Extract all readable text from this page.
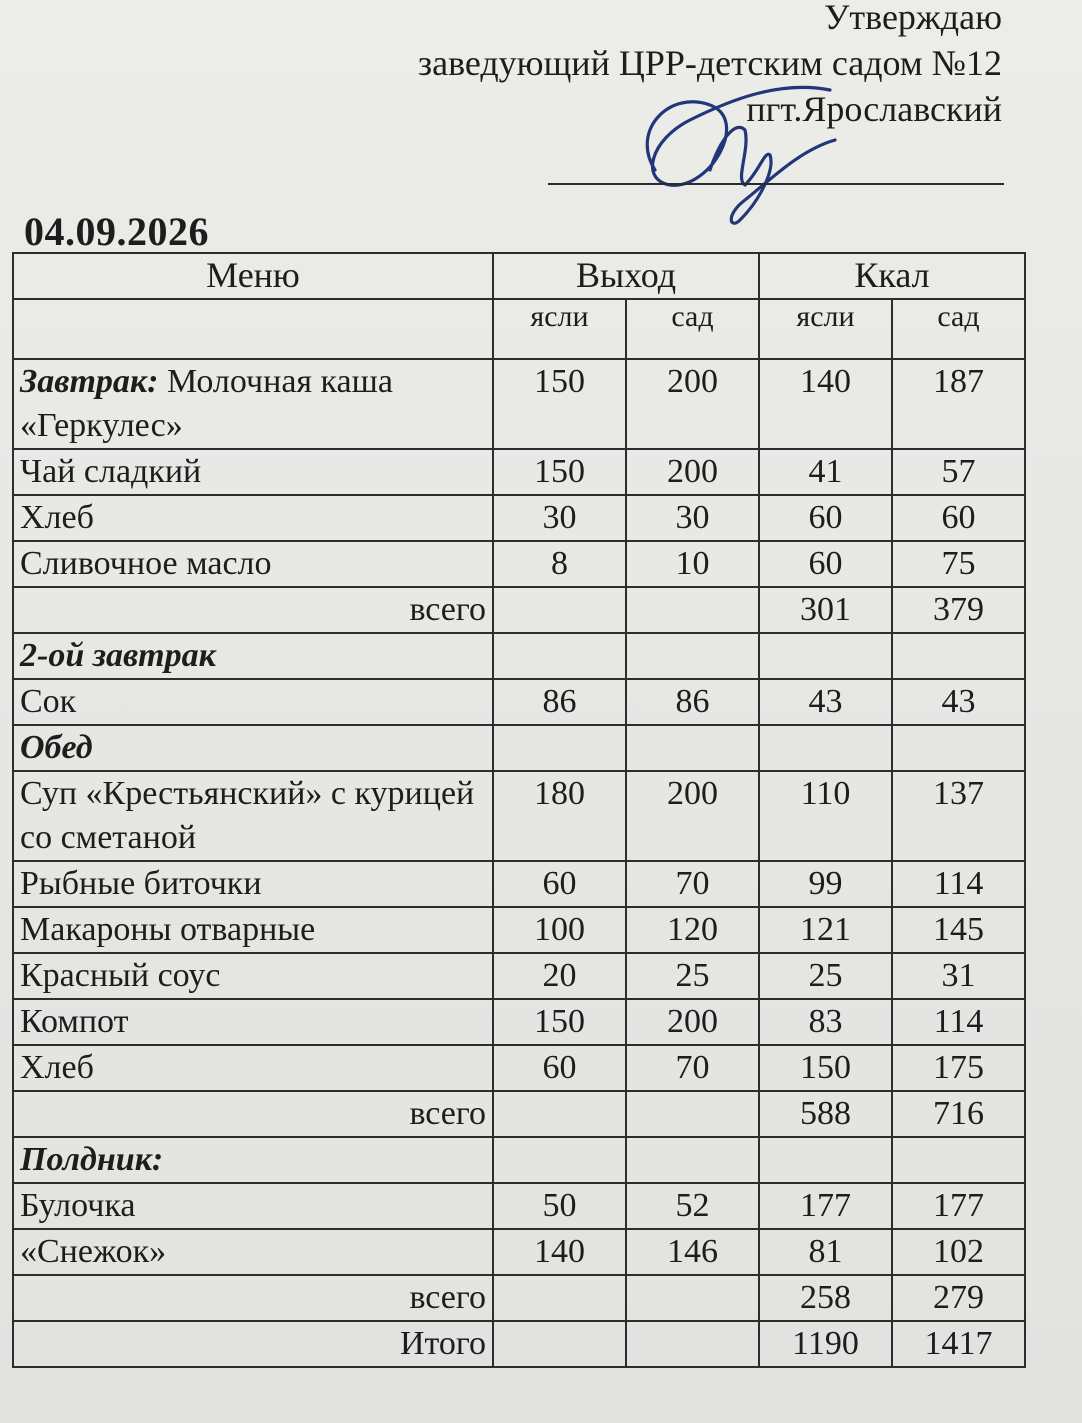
Утверждаю
заведующий ЦРР-детским садом №12
пгт.Ярославский
04.09.2026
Меню	Выход		Ккал	
	ясли	сад	ясли	сад
Завтрак: Молочная каша «Геркулес»	150	200	140	187
Чай сладкий	150	200	41	57
Хлеб	30	30	60	60
Сливочное масло	8	10	60	75
всего			301	379
2-ой завтрак				
Сок	86	86	43	43
Обед				
Суп «Крестьянский» с курицей со сметаной	180	200	110	137
Рыбные биточки	60	70	99	114
Макароны отварные	100	120	121	145
Красный соус	20	25	25	31
Компот	150	200	83	114
Хлеб	60	70	150	175
всего			588	716
Полдник:				
Булочка	50	52	177	177
«Снежок»	140	146	81	102
всего			258	279
Итого			1190	1417
